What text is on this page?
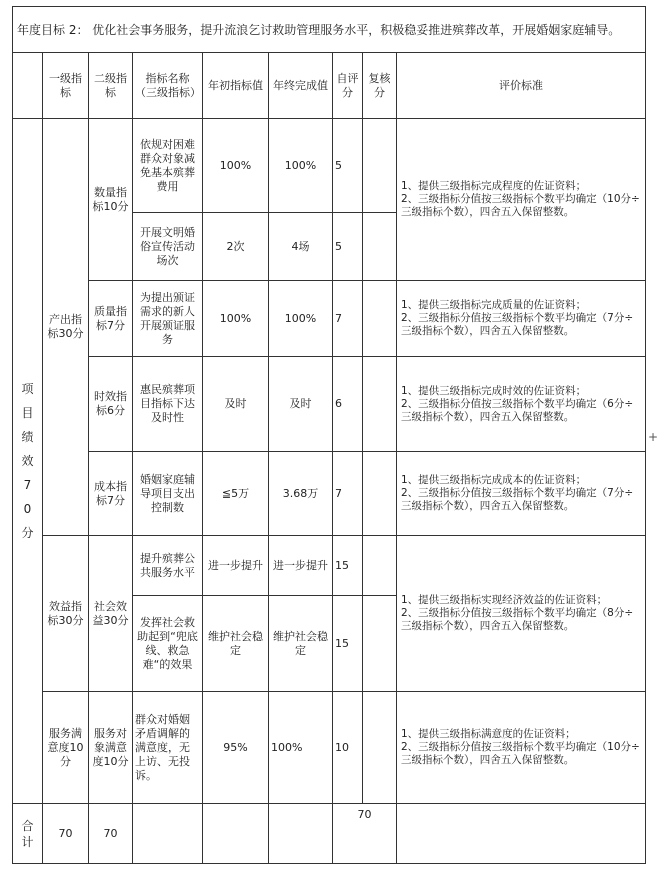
年度目标 2： 优化社会事务服务，提升流浪乞讨救助管理服务水平，积极稳妥推进殡葬改革，开展婚姻家庭辅导。								
	一级指标	二级指标	指标名称（三级指标）	年初指标值	年终完成值	自评分	复核分	评价标准
项目绩效70分	产出指标30分	数量指标10分	依规对困难群众对象减免基本殡葬费用	100%	100%	5		1、提供三级指标完成程度的佐证资料；
2、三级指标分值按三级指标个数平均确定（10分÷三级指标个数），四舍五入保留整数。
			开展文明婚俗宣传活动场次	2次	4场	5		
		质量指标7分	为提出颁证需求的新人开展颁证服务	100%	100%	7		1、提供三级指标完成质量的佐证资料；
2、三级指标分值按三级指标个数平均确定（7分÷三级指标个数），四舍五入保留整数。
		时效指标6分	惠民殡葬项目指标下达及时性	及时	及时	6		1、提供三级指标完成时效的佐证资料；
2、三级指标分值按三级指标个数平均确定（6分÷三级指标个数），四舍五入保留整数。
		成本指标7分	婚姻家庭辅导项目支出控制数	≦5万	3.68万	7		1、提供三级指标完成成本的佐证资料；
2、三级指标分值按三级指标个数平均确定（7分÷三级指标个数），四舍五入保留整数。
	效益指标30分	社会效益30分	提升殡葬公共服务水平	进一步提升	进一步提升	15		1、提供三级指标实现经济效益的佐证资料；
2、三级指标分值按三级指标个数平均确定（8分÷三级指标个数），四舍五入保留整数。
			发挥社会救助起到“兜底线、救急难“的效果	维护社会稳定	维护社会稳定	15		
	服务满意度10分	服务对象满意度10分	群众对婚姻矛盾调解的满意度，无上访、无投诉。	95%	100%	10		1、提供三级指标满意度的佐证资料；
2、三级指标分值按三级指标个数平均确定（10分÷三级指标个数），四舍五入保留整数。
合计	70	70				70		
+
